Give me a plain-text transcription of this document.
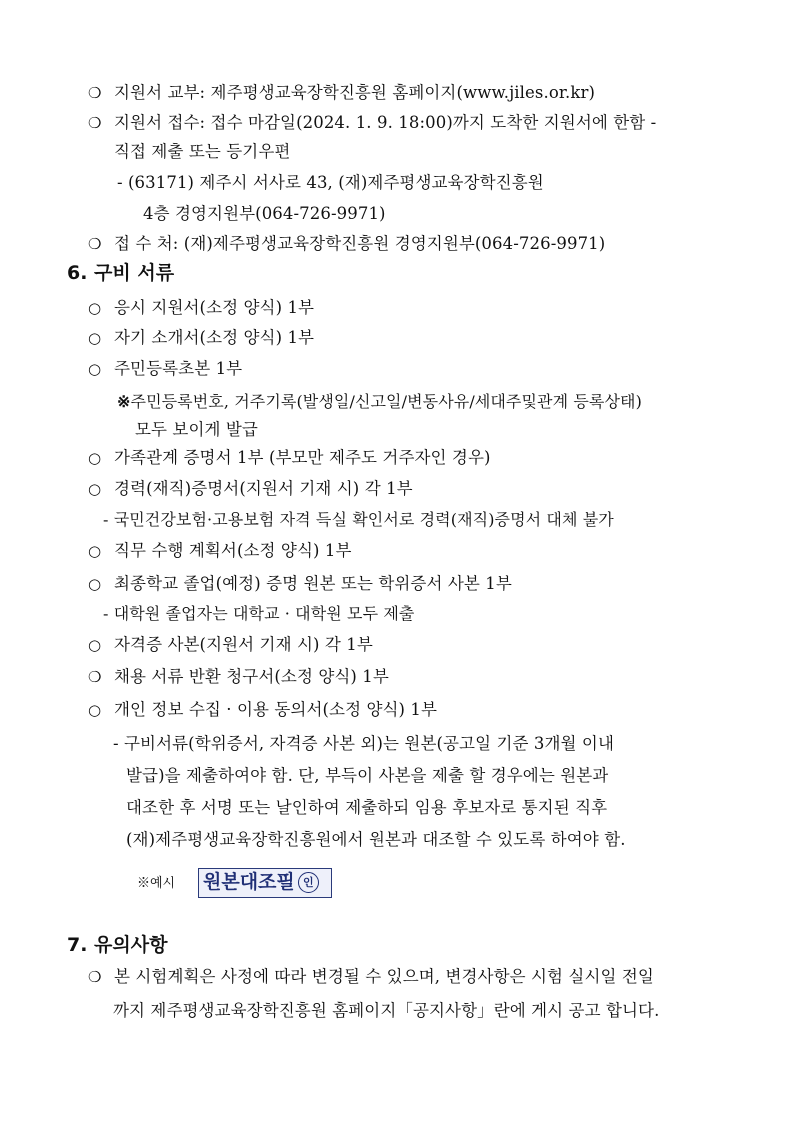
❍ 지원서 교부: 제주평생교육장학진흥원 홈페이지(www.jiles.or.kr)
❍ 지원서 접수: 접수 마감일(2024. 1. 9. 18:00)까지 도착한 지원서에 한함 -
직접 제출 또는 등기우편
- (63171) 제주시 서사로 43, (재)제주평생교육장학진흥원
4층 경영지원부(064-726-9971)
❍ 접 수 처: (재)제주평생교육장학진흥원 경영지원부(064-726-9971)
6. 구비 서류
○ 응시 지원서(소정 양식) 1부
○ 자기 소개서(소정 양식) 1부
○ 주민등록초본 1부
※주민등록번호, 거주기록(발생일/신고일/변동사유/세대주및관계 등록상태)
모두 보이게 발급
○ 가족관계 증명서 1부 (부모만 제주도 거주자인 경우)
○ 경력(재직)증명서(지원서 기재 시) 각 1부
- 국민건강보험·고용보험 자격 득실 확인서로 경력(재직)증명서 대체 불가
○ 직무 수행 계획서(소정 양식) 1부
○ 최종학교 졸업(예정) 증명 원본 또는 학위증서 사본 1부
- 대학원 졸업자는 대학교 · 대학원 모두 제출
○ 자격증 사본(지원서 기재 시) 각 1부
❍ 채용 서류 반환 청구서(소정 양식) 1부
○ 개인 정보 수집 · 이용 동의서(소정 양식) 1부
- 구비서류(학위증서, 자격증 사본 외)는 원본(공고일 기준 3개월 이내
발급)을 제출하여야 함. 단, 부득이 사본을 제출 할 경우에는 원본과
대조한 후 서명 또는 날인하여 제출하되 임용 후보자로 통지된 직후
(재)제주평생교육장학진흥원에서 원본과 대조할 수 있도록 하여야 함.
※예시 원본대조필 인
7. 유의사항
❍ 본 시험계획은 사정에 따라 변경될 수 있으며, 변경사항은 시험 실시일 전일
까지 제주평생교육장학진흥원 홈페이지「공지사항」란에 게시 공고 합니다.
